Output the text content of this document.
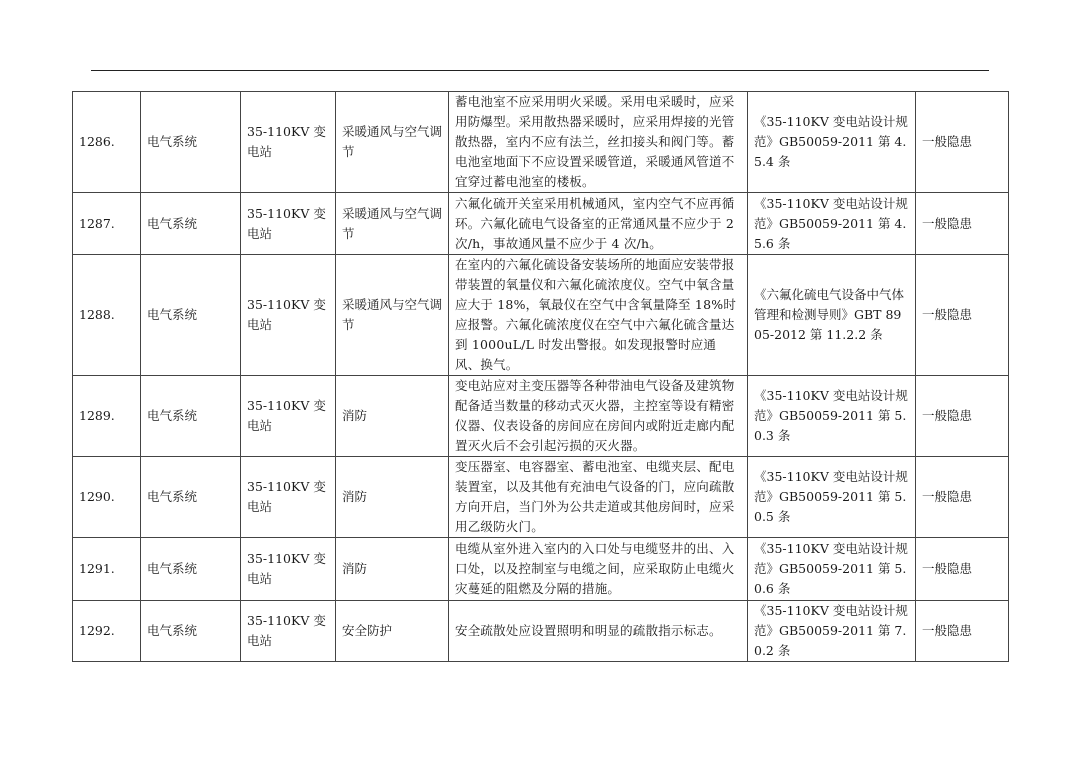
1286.	电气系统	35-110KV 变电站	采暖通风与空气调节	蓄电池室不应采用明火采暖。采用电采暖时，应采用防爆型。采用散热器采暖时，应采用焊接的光管散热器，室内不应有法兰，丝扣接头和阀门等。蓄电池室地面下不应设置采暖管道，采暖通风管道不宜穿过蓄电池室的楼板。	《35-110KV 变电站设计规范》GB50059-2011 第 4.5.4 条	一般隐患
1287.	电气系统	35-110KV 变电站	采暖通风与空气调节	六氟化硫开关室采用机械通风，室内空气不应再循环。六氟化硫电气设备室的正常通风量不应少于 2 次/h，事故通风量不应少于 4 次/h。	《35-110KV 变电站设计规范》GB50059-2011 第 4.5.6 条	一般隐患
1288.	电气系统	35-110KV 变电站	采暖通风与空气调节	在室内的六氟化硫设备安装场所的地面应安装带报带装置的氧量仪和六氟化硫浓度仪。空气中氧含量应大于 18%，氧最仪在空气中含氧量降至 18%时应报警。六氟化硫浓度仪在空气中六氟化硫含量达到 1000uL/L 时发出警报。如发现报警时应通风、换气。	《六氟化硫电气设备中气体管理和检测导则》GBT 8905-2012 第 11.2.2 条	一般隐患
1289.	电气系统	35-110KV 变电站	消防	变电站应对主变压器等各种带油电气设备及建筑物配备适当数量的移动式灭火器，主控室等设有精密仪器、仪表设备的房间应在房间内或附近走廊内配置灭火后不会引起污损的灭火器。	《35-110KV 变电站设计规范》GB50059-2011 第 5.0.3 条	一般隐患
1290.	电气系统	35-110KV 变电站	消防	变压器室、电容器室、蓄电池室、电缆夹层、配电装置室，以及其他有充油电气设备的门，应向疏散方向开启，当门外为公共走道或其他房间时，应采用乙级防火门。	《35-110KV 变电站设计规范》GB50059-2011 第 5.0.5 条	一般隐患
1291.	电气系统	35-110KV 变电站	消防	电缆从室外进入室内的入口处与电缆竖井的出、入口处，以及控制室与电缆之间，应采取防止电缆火灾蔓延的阻燃及分隔的措施。	《35-110KV 变电站设计规范》GB50059-2011 第 5.0.6 条	一般隐患
1292.	电气系统	35-110KV 变电站	安全防护	安全疏散处应设置照明和明显的疏散指示标志。	《35-110KV 变电站设计规范》GB50059-2011 第 7.0.2 条	一般隐患
